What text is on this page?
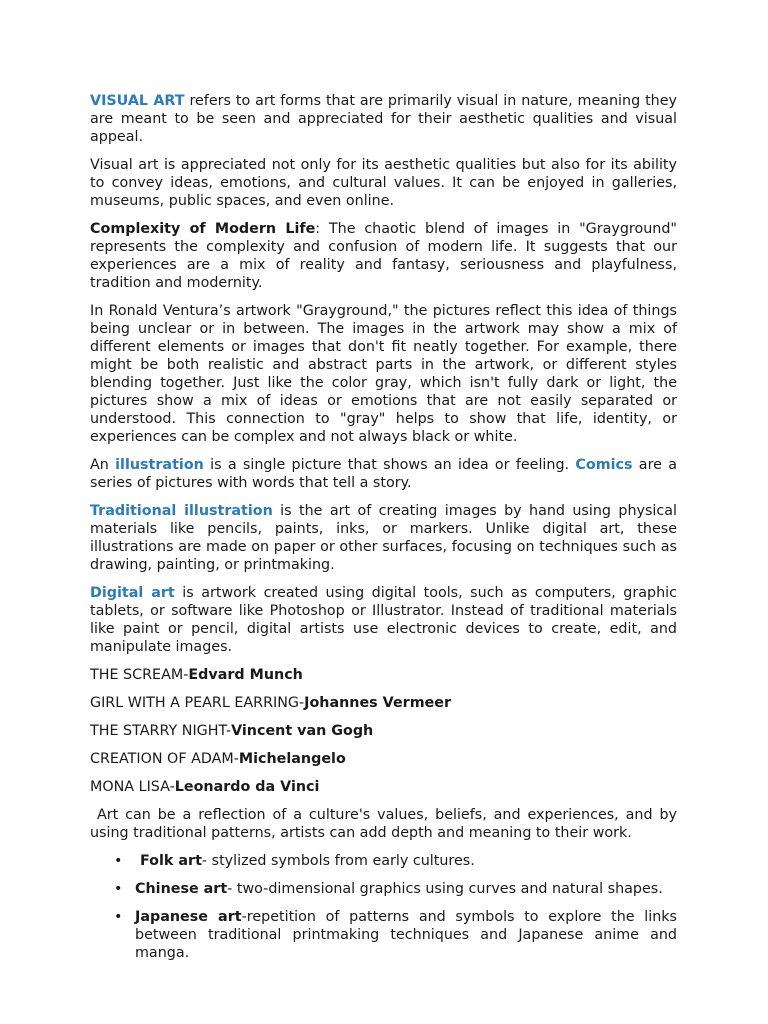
VISUAL ART refers to art forms that are primarily visual in nature, meaning they are meant to be seen and appreciated for their aesthetic qualities and visual appeal.

Visual art is appreciated not only for its aesthetic qualities but also for its ability to convey ideas, emotions, and cultural values. It can be enjoyed in galleries, museums, public spaces, and even online.

Complexity of Modern Life: The chaotic blend of images in "Grayground" represents the complexity and confusion of modern life. It suggests that our experiences are a mix of reality and fantasy, seriousness and playfulness, tradition and modernity.

In Ronald Ventura’s artwork "Grayground," the pictures reflect this idea of things being unclear or in between. The images in the artwork may show a mix of different elements or images that don't fit neatly together. For example, there might be both realistic and abstract parts in the artwork, or different styles blending together. Just like the color gray, which isn't fully dark or light, the pictures show a mix of ideas or emotions that are not easily separated or understood. This connection to "gray" helps to show that life, identity, or experiences can be complex and not always black or white.

An illustration is a single picture that shows an idea or feeling. Comics are a series of pictures with words that tell a story.

Traditional illustration is the art of creating images by hand using physical materials like pencils, paints, inks, or markers. Unlike digital art, these illustrations are made on paper or other surfaces, focusing on techniques such as drawing, painting, or printmaking.

Digital art is artwork created using digital tools, such as computers, graphic tablets, or software like Photoshop or Illustrator. Instead of traditional materials like paint or pencil, digital artists use electronic devices to create, edit, and manipulate images.

THE SCREAM-Edvard Munch

GIRL WITH A PEARL EARRING-Johannes Vermeer

THE STARRY NIGHT-Vincent van Gogh

CREATION OF ADAM-Michelangelo

MONA LISA-Leonardo da Vinci

Art can be a reflection of a culture's values, beliefs, and experiences, and by using traditional patterns, artists can add depth and meaning to their work.

• Folk art- stylized symbols from early cultures.
• Chinese art- two-dimensional graphics using curves and natural shapes.
• Japanese art-repetition of patterns and symbols to explore the links between traditional printmaking techniques and Japanese anime and manga.
